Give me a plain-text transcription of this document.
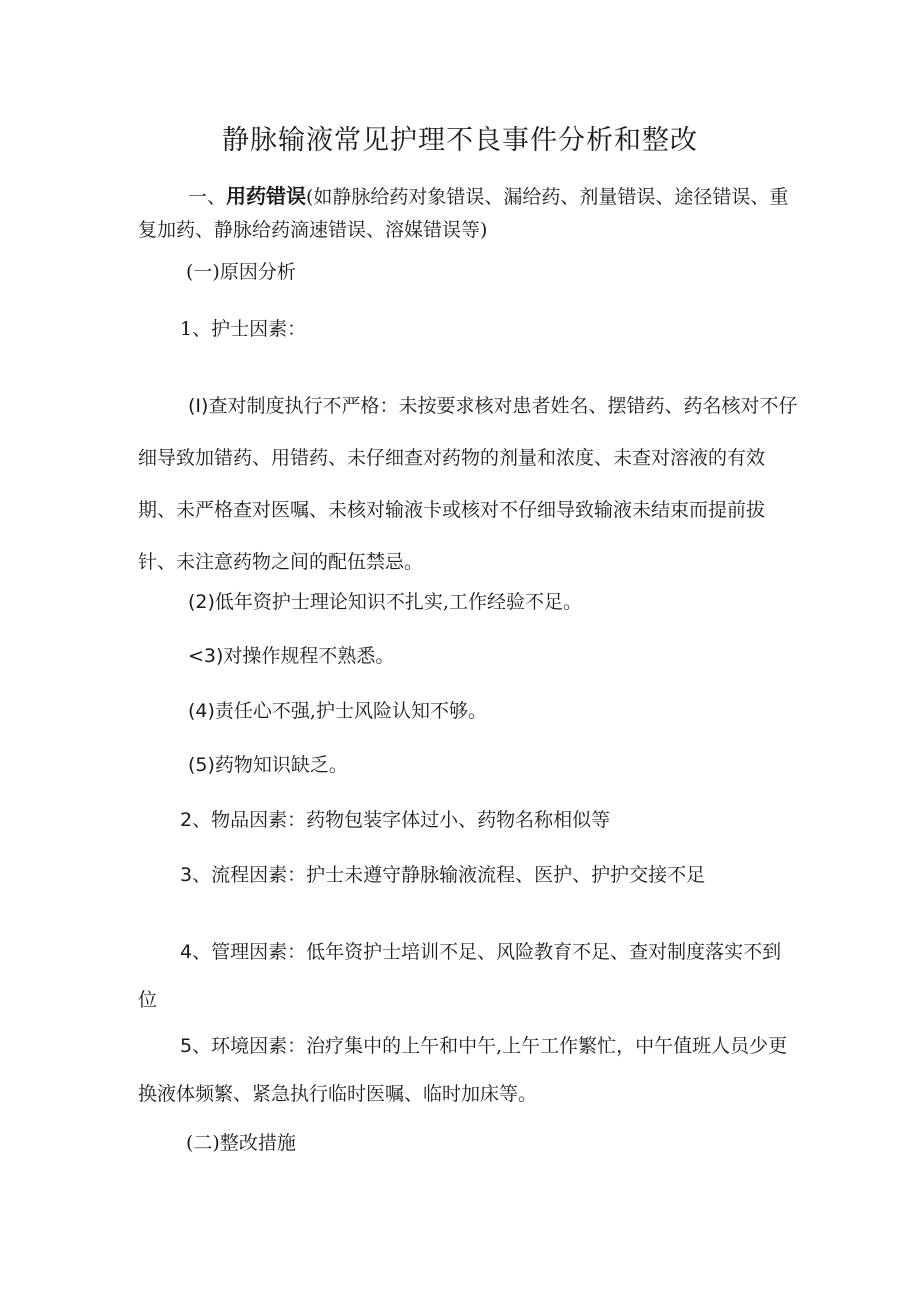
静脉输液常见护理不良事件分析和整改

一、用药错误(如静脉给药对象错误、漏给药、剂量错误、途径错误、重复加药、静脉给药滴速错误、溶媒错误等)

(一)原因分析

1、护士因素：

(I)查对制度执行不严格：未按要求核对患者姓名、摆错药、药名核对不仔细导致加错药、用错药、未仔细查对药物的剂量和浓度、未查对溶液的有效期、未严格查对医嘱、未核对输液卡或核对不仔细导致输液未结束而提前拔针、未注意药物之间的配伍禁忌。

(2)低年资护士理论知识不扎实,工作经验不足。

<3)对操作规程不熟悉。

(4)责任心不强,护士风险认知不够。

(5)药物知识缺乏。

2、物品因素：药物包装字体过小、药物名称相似等

3、流程因素：护士未遵守静脉输液流程、医护、护护交接不足

4、管理因素：低年资护士培训不足、风险教育不足、查对制度落实不到位

5、环境因素：治疗集中的上午和中午,上午工作繁忙，中午值班人员少更换液体频繁、紧急执行临时医嘱、临时加床等。

(二)整改措施
